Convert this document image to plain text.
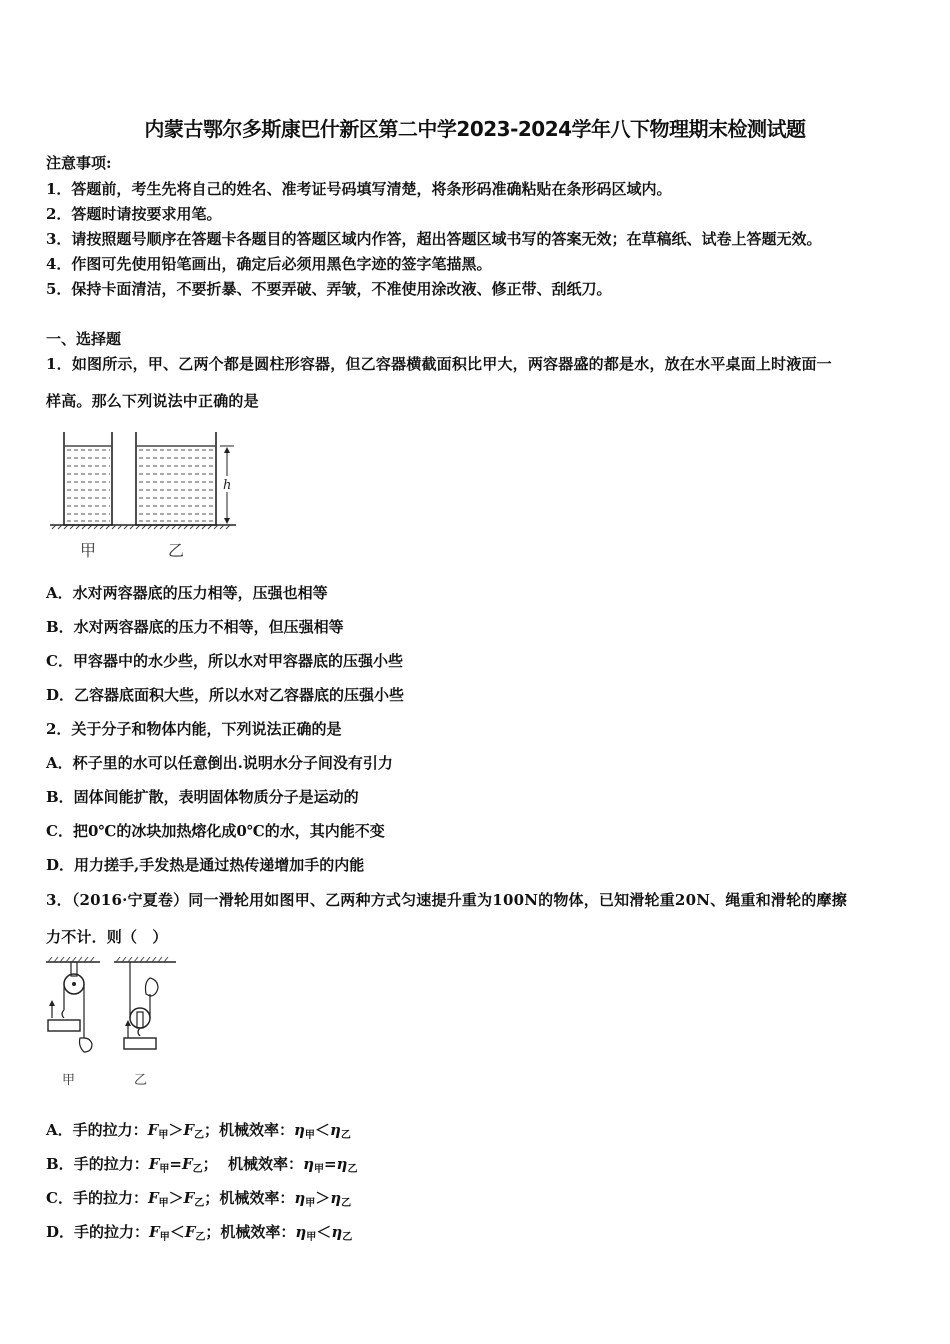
内蒙古鄂尔多斯康巴什新区第二中学2023-2024学年八下物理期末检测试题
注意事项:
1．答题前，考生先将自己的姓名、准考证号码填写清楚，将条形码准确粘贴在条形码区域内。
2．答题时请按要求用笔。
3．请按照题号顺序在答题卡各题目的答题区域内作答，超出答题区域书写的答案无效；在草稿纸、试卷上答题无效。
4．作图可先使用铅笔画出，确定后必须用黑色字迹的签字笔描黑。
5．保持卡面清洁，不要折暴、不要弄破、弄皱，不准使用涂改液、修正带、刮纸刀。
一、选择题
1．如图所示，甲、乙两个都是圆柱形容器，但乙容器横截面积比甲大，两容器盛的都是水，放在水平桌面上时液面一
样高。那么下列说法中正确的是
h
甲	乙
A．水对两容器底的压力相等，压强也相等
B．水对两容器底的压力不相等，但压强相等
C．甲容器中的水少些，所以水对甲容器底的压强小些
D．乙容器底面积大些，所以水对乙容器底的压强小些
2．关于分子和物体内能，下列说法正确的是
A．杯子里的水可以任意倒出.说明水分子间没有引力
B．固体间能扩散，表明固体物质分子是运动的
C．把0℃的冰块加热熔化成0℃的水，其内能不变
D．用力搓手,手发热是通过热传递增加手的内能
3．（2016·宁夏卷）同一滑轮用如图甲、乙两种方式匀速提升重为100N的物体，已知滑轮重20N、绳重和滑轮的摩擦
力不计．则（　）
甲	乙
A．手的拉力：$F_甲>F_乙$；机械效率：$\eta_甲<\eta_乙$
B．手的拉力：$F_甲=F_乙$；  机械效率：$\eta_甲=\eta_乙$
C．手的拉力：$F_甲>F_乙$；机械效率：$\eta_甲>\eta_乙$
D．手的拉力：$F_甲<F_乙$；机械效率：$\eta_甲<\eta_乙$
